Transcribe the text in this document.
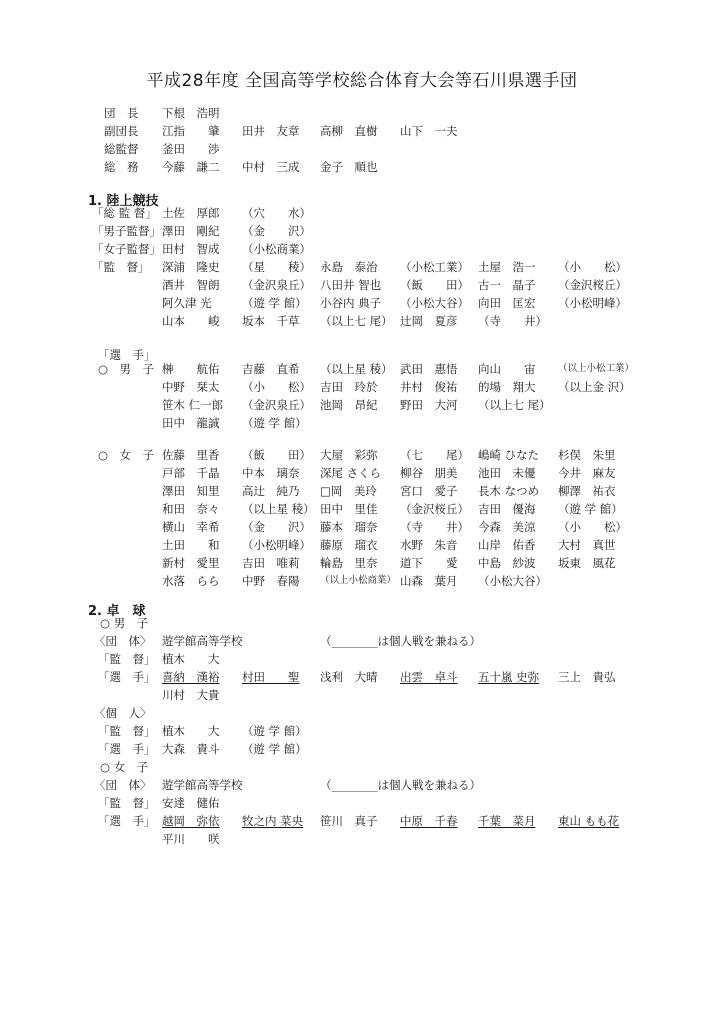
平成28年度 全国高等学校総合体育大会等石川県選手団
団　長 下根　浩明
副団長 江指　　肇 田井　友章 高柳　直樹 山下　一夫
総監督 釜田　　渉
総　務 今藤　謙二 中村　三成 金子　順也
1. 陸上競技
「総 監 督」 土佐　厚郎 （穴　　水）
「男子監督」 澤田　剛紀 （金　　沢）
「女子監督」 田村　智成 （小松商業）
「監　督」 深浦　隆史 （星　　稜） 永島　泰治 （小松工業） 土屋　浩一 （小　　松）
酒井　智朗 （金沢泉丘） 八田井 智也 （飯　　田） 古一　晶子 （金沢桜丘）
阿久津 光	（遊 学 館） 小谷内 典子 （小松大谷） 向田　匡宏 （小松明峰）
山本　　峻 坂本　千草 （以上七 尾） 辻岡　夏彦 （寺　　井）
「選　手」
○　男　子 榊　　航佑 吉藤　直希 （以上星 稜） 武田　惠悟 向山　　宙 （以上小松工業）
中野　栞太 （小　　松） 吉田　玲於 井村　俊祐 的場　翔大 （以上金 沢）
笹木 仁一郎 （金沢泉丘） 池岡　昂紀 野田　大河 （以上七 尾）
田中　龍誠 （遊 学 館）
○　女　子 佐藤　里香 （飯　　田） 大屋　彩弥 （七　　尾） 嶋崎 ひなた 杉俣　朱里
戸部　千晶 中本　璃奈 深尾 さくら 柳谷　朋美 池田　未優 今井　麻友
澤田　知里 高辻　純乃 □岡　美玲 宮口　愛子 長木 なつめ 柳澤　祐衣
和田　奈々 （以上星 稜） 田中　里佳 （金沢桜丘） 吉田　優海 （遊 学 館）
横山　幸希 （金　　沢） 藤本　瑠奈 （寺　　井） 今森　美涼 （小　　松）
土田　　和 （小松明峰） 藤原　瑠衣 水野　朱音 山岸　佑香 大村　真世
新村　愛里 吉田　唯莉 輪島　里奈 道下　　愛 中島　紗波 坂東　風花
水落　らら 中野　春陽 （以上小松商業） 山森　葉月 （小松大谷）
2. 卓　球
○ 男　子
〈団　体〉 遊学館高等学校	（________は個人戦を兼ねる）
「監　督」 植木　　大
「選　手」 喜納　漢裕 村田　　聖 浅利　大晴 出雲　卓斗 五十嵐 史弥 三上　貴弘
川村　大貴
〈個　人〉
「監　督」 植木　　大 （遊 学 館）
「選　手」 大森　貴斗 （遊 学 館）
○ 女　子
〈団　体〉 遊学館高等学校	（________は個人戦を兼ねる）
「監　督」 安達　健佑
「選　手」 越岡　弥依 牧之内 菜央 笹川　真子 中原　千春 千葉　菜月 東山 もも花
平川　　咲
